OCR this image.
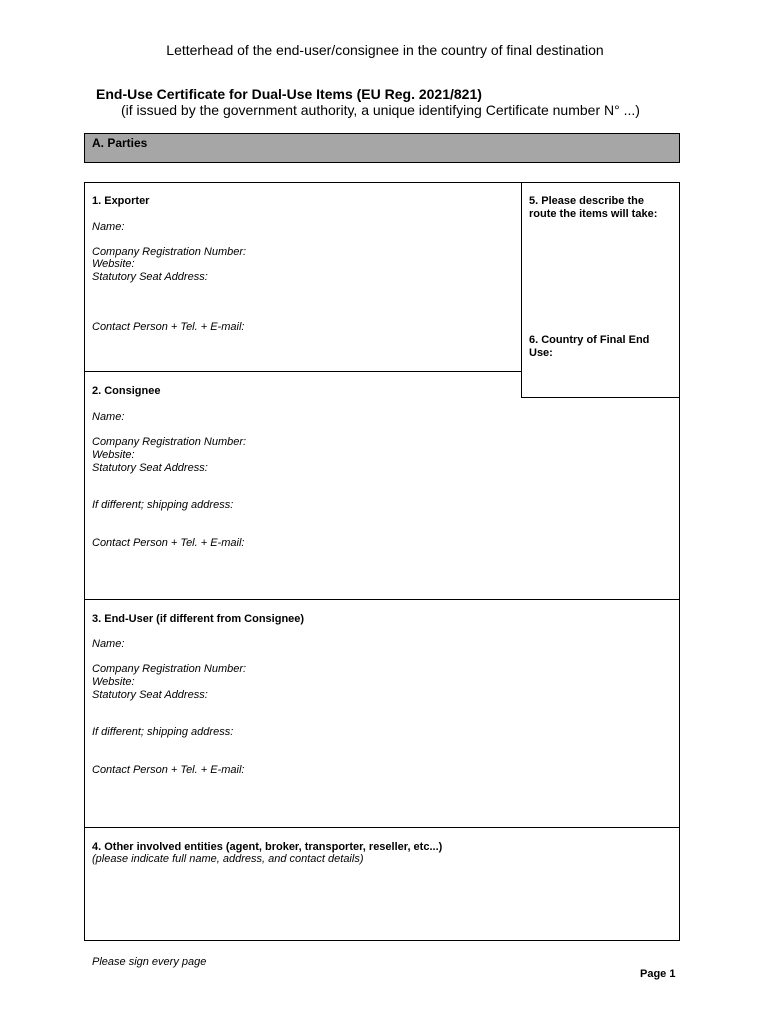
Letterhead of the end-user/consignee in the country of final destination
End-Use Certificate for Dual-Use Items (EU Reg. 2021/821)
(if issued by the government authority, a unique identifying Certificate number N° ...)
A. Parties
1. Exporter
Name:
Company Registration Number:
Website:
Statutory Seat Address:
Contact Person + Tel. + E-mail:
5. Please describe the
route the items will take:
6. Country of Final End
Use:
2. Consignee
Name:
Company Registration Number:
Website:
Statutory Seat Address:
If different; shipping address:
Contact Person + Tel. + E-mail:
3. End-User (if different from Consignee)
Name:
Company Registration Number:
Website:
Statutory Seat Address:
If different; shipping address:
Contact Person + Tel. + E-mail:
4. Other involved entities (agent, broker, transporter, reseller, etc...)
(please indicate full name, address, and contact details)
Please sign every page
Page 1
